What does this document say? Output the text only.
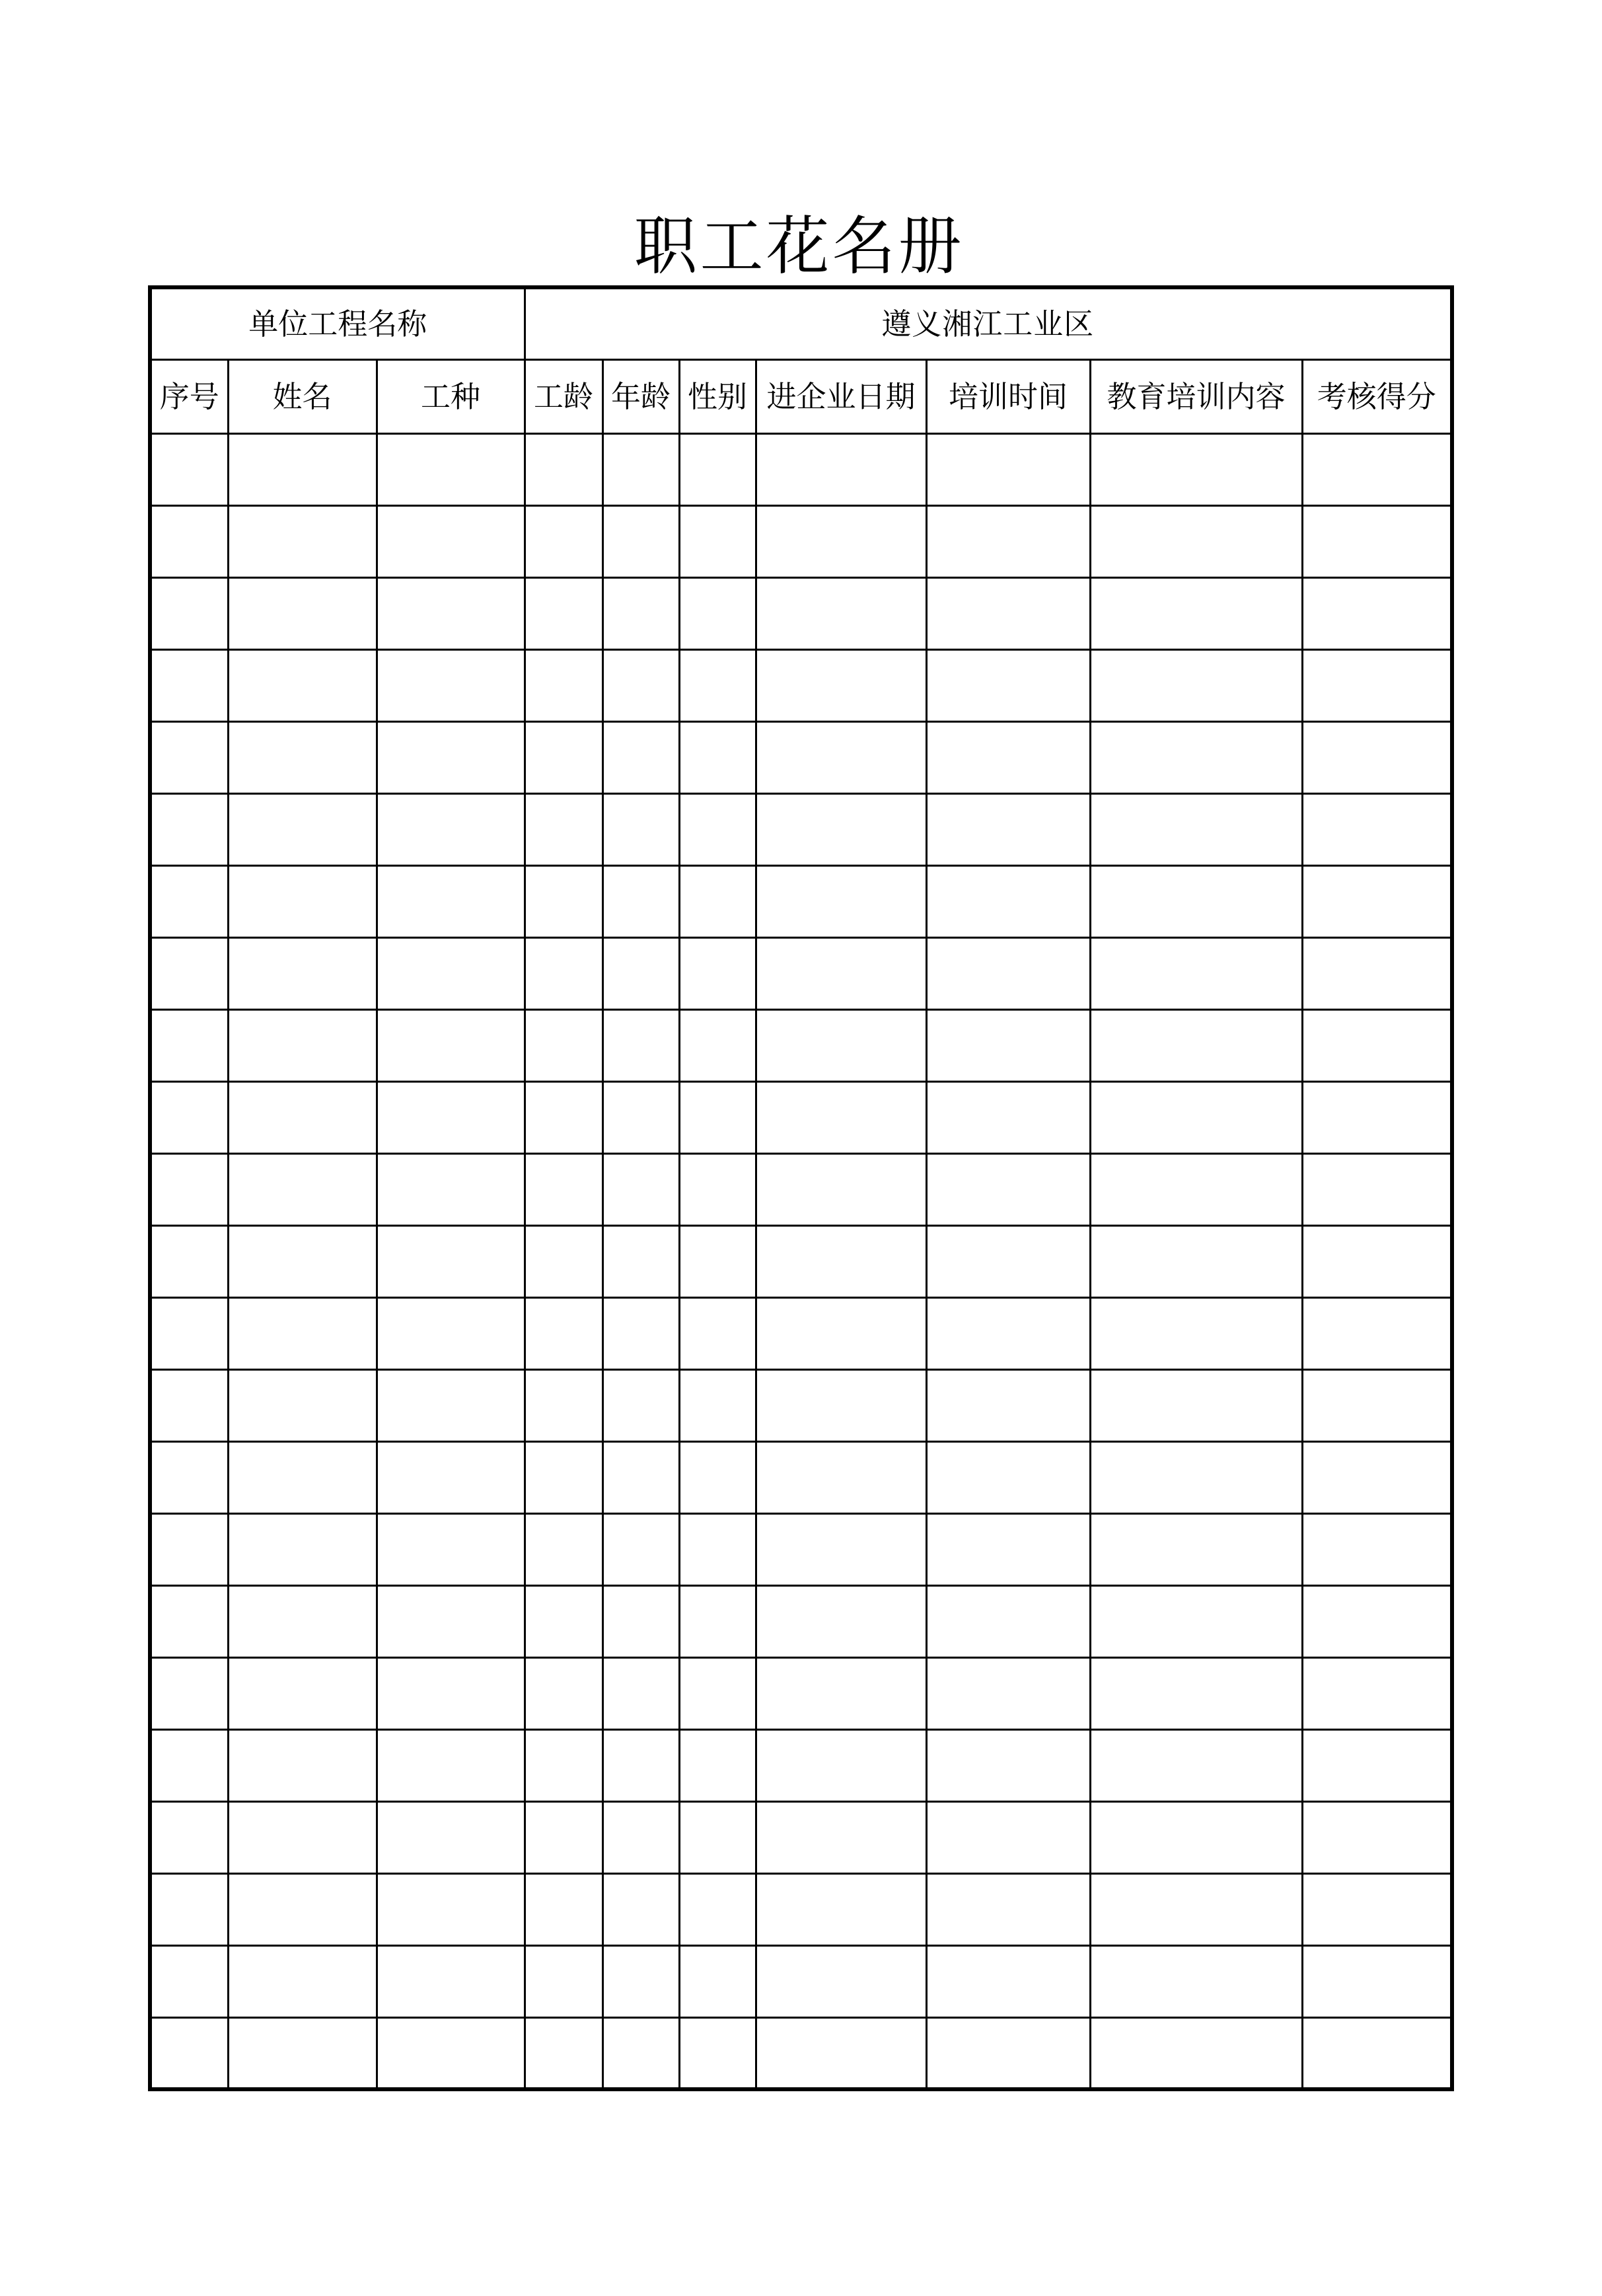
职工花名册
单位工程名称			遵义湘江工业区						
序号	姓名	工种	工龄	年龄	性别	进企业日期	培训时间	教育培训内容	考核得分
